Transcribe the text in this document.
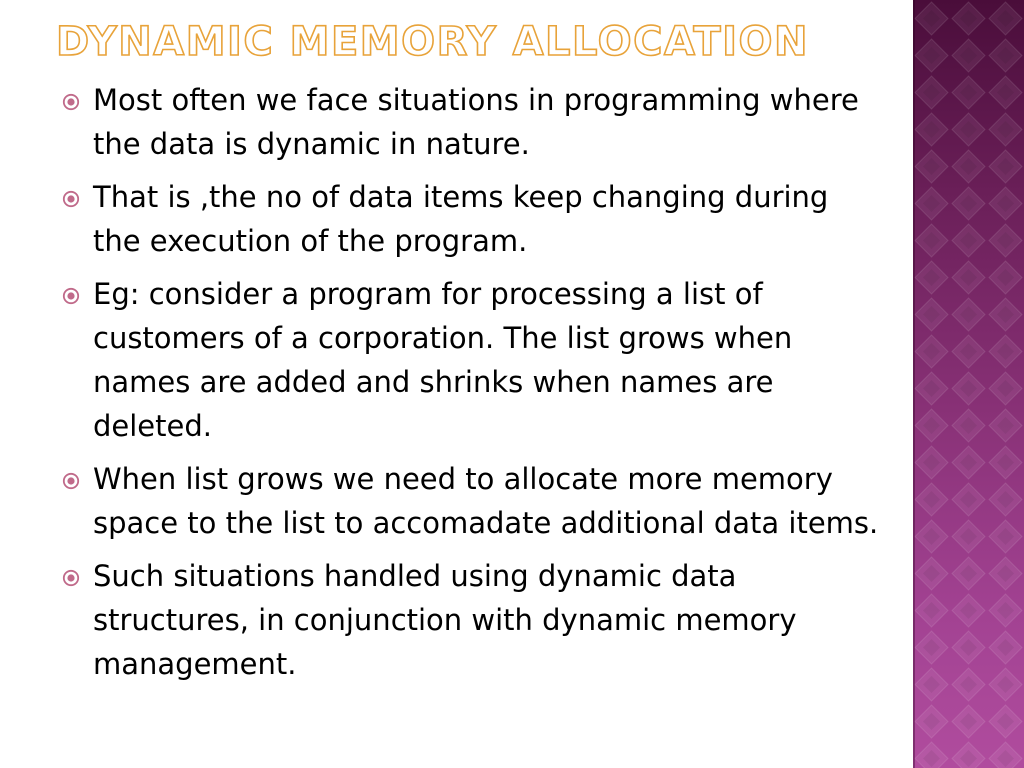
DYNAMIC MEMORY ALLOCATION
Most often we face situations in programming where the data is dynamic in nature.
That is ,the no of data items keep changing during the execution of the program.
Eg: consider a program for processing a list of customers of a corporation. The list grows when names are added and shrinks when names are deleted.
When list grows we need to allocate more memory space to the list to accomadate additional data items.
Such situations handled using dynamic data structures, in conjunction with dynamic memory management.
